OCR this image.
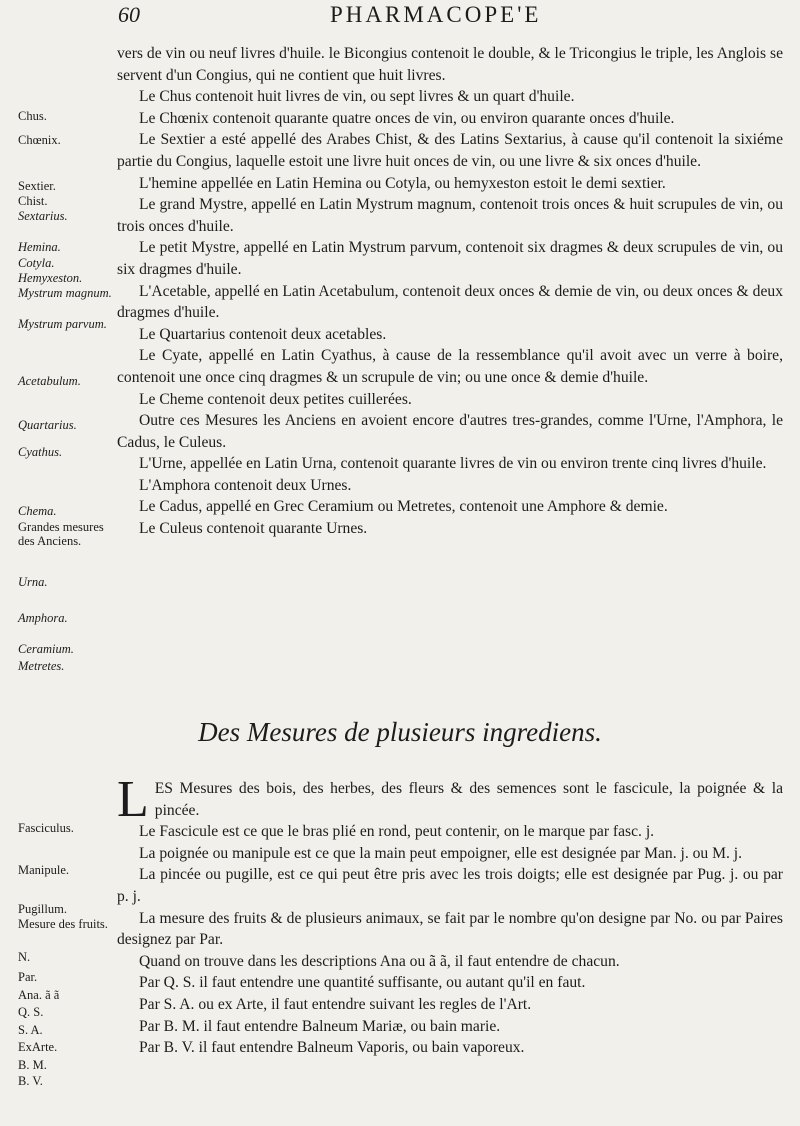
60	PHARMACOPE'E
Chus.
Chœnix.
Sextier.
Chist.
Sextarius.
Hemina.
Cotyla.
Hemyxeston.
Mystrum magnum.
Mystrum parvum.
Acetabulum.
Quartarius.
Cyathus.
Chema.
Grandes mesures des Anciens.
Urna.
Amphora.
Ceramium.
Metretes.
Fasciculus.
Manipule.
Pugillum.
Mesure des fruits.
N.
Par.
Ana. ã ã
Q. S.
S. A.
ExArte.
B. M.
B. V.

vers de vin ou neuf livres d'huile. le Bicongius contenoit le double, & le Tricongius le triple, les Anglois se servent d'un Congius, qui ne contient que huit livres.

Le Chus contenoit huit livres de vin, ou sept livres & un quart d'huile.

Le Chœnix contenoit quarante quatre onces de vin, ou environ quarante onces d'huile.

Le Sextier a esté appellé des Arabes Chist, & des Latins Sextarius, à cause qu'il contenoit la sixiéme partie du Congius, laquelle estoit une livre huit onces de vin, ou une livre & six onces d'huile.

L'hemine appellée en Latin Hemina ou Cotyla, ou hemyxeston estoit le demi sextier.

Le grand Mystre, appellé en Latin Mystrum magnum, contenoit trois onces & huit scrupules de vin, ou trois onces d'huile.

Le petit Mystre, appellé en Latin Mystrum parvum, contenoit six dragmes & deux scrupules de vin, ou six dragmes d'huile.

L'Acetable, appellé en Latin Acetabulum, contenoit deux onces & demie de vin, ou deux onces & deux dragmes d'huile.

Le Quartarius contenoit deux acetables.

Le Cyate, appellé en Latin Cyathus, à cause de la ressemblance qu'il avoit avec un verre à boire, contenoit une once cinq dragmes & un scrupule de vin; ou une once & demie d'huile.

Le Cheme contenoit deux petites cuillerées.

Outre ces Mesures les Anciens en avoient encore d'autres tres-grandes, comme l'Urne, l'Amphora, le Cadus, le Culeus.

L'Urne, appellée en Latin Urna, contenoit quarante livres de vin ou environ trente cinq livres d'huile.

L'Amphora contenoit deux Urnes.

Le Cadus, appellé en Grec Ceramium ou Metretes, contenoit une Amphore & demie.

Le Culeus contenoit quarante Urnes.

Des Mesures de plusieurs ingrediens.

LES Mesures des bois, des herbes, des fleurs & des semences sont le fascicule, la poignée & la pincée.

Le Fascicule est ce que le bras plié en rond, peut contenir, on le marque par fasc. j.

La poignée ou manipule est ce que la main peut empoigner, elle est designée par Man. j. ou M. j.

La pincée ou pugille, est ce qui peut être pris avec les trois doigts; elle est designée par Pug. j. ou par p. j.

La mesure des fruits & de plusieurs animaux, se fait par le nombre qu'on designe par No. ou par Paires designez par Par.

Quand on trouve dans les descriptions Ana ou ã ã, il faut entendre de chacun.

Par Q. S. il faut entendre une quantité suffisante, ou autant qu'il en faut.

Par S. A. ou ex Arte, il faut entendre suivant les regles de l'Art.

Par B. M. il faut entendre Balneum Mariæ, ou bain marie.

Par B. V. il faut entendre Balneum Vaporis, ou bain vaporeux.
